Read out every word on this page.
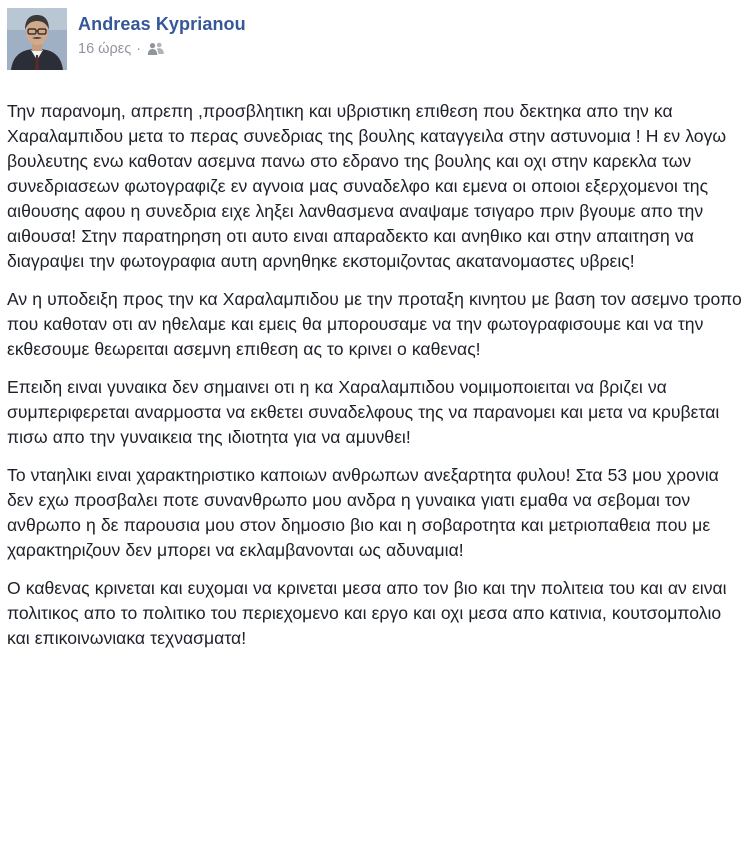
Andreas Kyprianou
16 ώρες ·

Την παρανομη, απρεπη ,προσβλητικη και υβριστικη επιθεση που δεκτηκα απο την κα Χαραλαμπιδου μετα το περας συνεδριας της βουλης καταγγειλα στην αστυνομια ! Η εν λογω βουλευτης ενω καθοταν ασεμνα πανω στο εδρανο της βουλης και οχι στην καρεκλα των συνεδριασεων φωτογραφιζε εν αγνοια μας συναδελφο και εμενα οι οποιοι εξερχομενοι της αιθουσης αφου η συνεδρια ειχε ληξει λανθασμενα αναψαμε τσιγαρο πριν βγουμε απο την αιθουσα! Στην παρατηρηση οτι αυτο ειναι απαραδεκτο και ανηθικο και στην απαιτηση να διαγραψει την φωτογραφια αυτη αρνηθηκε εκστομιζοντας ακατανομαστες υβρεις!

Αν η υποδειξη προς την κα Χαραλαμπιδου με την προταξη κινητου με βαση τον ασεμνο τροπο που καθοταν οτι αν ηθελαμε και εμεις θα μπορουσαμε να την φωτογραφισουμε και να την εκθεσουμε θεωρειται ασεμνη επιθεση ας το κρινει ο καθενας!

Επειδη ειναι γυναικα δεν σημαινει οτι η κα Χαραλαμπιδου νομιμοποιειται να βριζει να συμπεριφερεται αναρμοστα να εκθετει συναδελφους της να παρανομει και μετα να κρυβεται πισω απο την γυναικεια της ιδιοτητα για να αμυνθει!

Το νταηλικι ειναι χαρακτηριστικο καποιων ανθρωπων ανεξαρτητα φυλου! Στα 53 μου χρονια δεν εχω προσβαλει ποτε συνανθρωπο μου ανδρα η γυναικα γιατι εμαθα να σεβομαι τον ανθρωπο η δε παρουσια μου στον δημοσιο βιο και η σοβαροτητα και μετριοπαθεια που με χαρακτηριζουν δεν μπορει να εκλαμβανονται ως αδυναμια!

Ο καθενας κρινεται και ευχομαι να κρινεται μεσα απο τον βιο και την πολιτεια του και αν ειναι πολιτικος απο το πολιτικο του περιεχομενο και εργο και οχι μεσα απο κατινια, κουτσομπολιο και επικοινωνιακα τεχνασματα!
